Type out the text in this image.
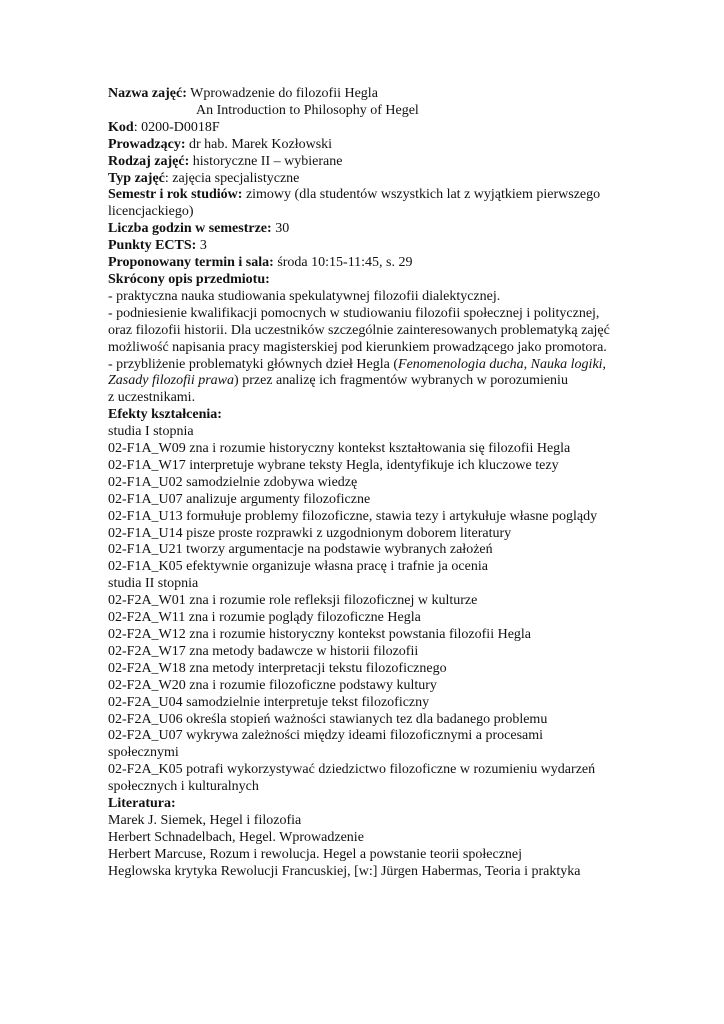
Nazwa zajęć: Wprowadzenie do filozofii Hegla
An Introduction to Philosophy of Hegel
Kod: 0200-D0018F
Prowadzący: dr hab. Marek Kozłowski
Rodzaj zajęć: historyczne II – wybierane
Typ zajęć: zajęcia specjalistyczne
Semestr i rok studiów: zimowy (dla studentów wszystkich lat z wyjątkiem pierwszego
licencjackiego)
Liczba godzin w semestrze: 30
Punkty ECTS: 3
Proponowany termin i sala: środa 10:15-11:45, s. 29
Skrócony opis przedmiotu:
- praktyczna nauka studiowania spekulatywnej filozofii dialektycznej.
- podniesienie kwalifikacji pomocnych w studiowaniu filozofii społecznej i politycznej,
oraz filozofii historii. Dla uczestników szczególnie zainteresowanych problematyką zajęć
możliwość napisania pracy magisterskiej pod kierunkiem prowadzącego jako promotora.
- przybliżenie problematyki głównych dzieł Hegla (Fenomenologia ducha, Nauka logiki,
Zasady filozofii prawa) przez analizę ich fragmentów wybranych w porozumieniu
z uczestnikami.
Efekty kształcenia:
studia I stopnia
02-F1A_W09 zna i rozumie historyczny kontekst kształtowania się filozofii Hegla
02-F1A_W17 interpretuje wybrane teksty Hegla, identyfikuje ich kluczowe tezy
02-F1A_U02 samodzielnie zdobywa wiedzę
02-F1A_U07 analizuje argumenty filozoficzne
02-F1A_U13 formułuje problemy filozoficzne, stawia tezy i artykułuje własne poglądy
02-F1A_U14 pisze proste rozprawki z uzgodnionym doborem literatury
02-F1A_U21 tworzy argumentacje na podstawie wybranych założeń
02-F1A_K05 efektywnie organizuje własna pracę i trafnie ja ocenia
studia II stopnia
02-F2A_W01 zna i rozumie role refleksji filozoficznej w kulturze
02-F2A_W11 zna i rozumie poglądy filozoficzne Hegla
02-F2A_W12 zna i rozumie historyczny kontekst powstania filozofii Hegla
02-F2A_W17 zna metody badawcze w historii filozofii
02-F2A_W18 zna metody interpretacji tekstu filozoficznego
02-F2A_W20 zna i rozumie filozoficzne podstawy kultury
02-F2A_U04 samodzielnie interpretuje tekst filozoficzny
02-F2A_U06 określa stopień ważności stawianych tez dla badanego problemu
02-F2A_U07 wykrywa zależności między ideami filozoficznymi a procesami
społecznymi
02-F2A_K05 potrafi wykorzystywać dziedzictwo filozoficzne w rozumieniu wydarzeń
społecznych i kulturalnych
Literatura:
Marek J. Siemek, Hegel i filozofia
Herbert Schnadelbach, Hegel. Wprowadzenie
Herbert Marcuse, Rozum i rewolucja. Hegel a powstanie teorii społecznej
Heglowska krytyka Rewolucji Francuskiej, [w:] Jürgen Habermas, Teoria i praktyka
